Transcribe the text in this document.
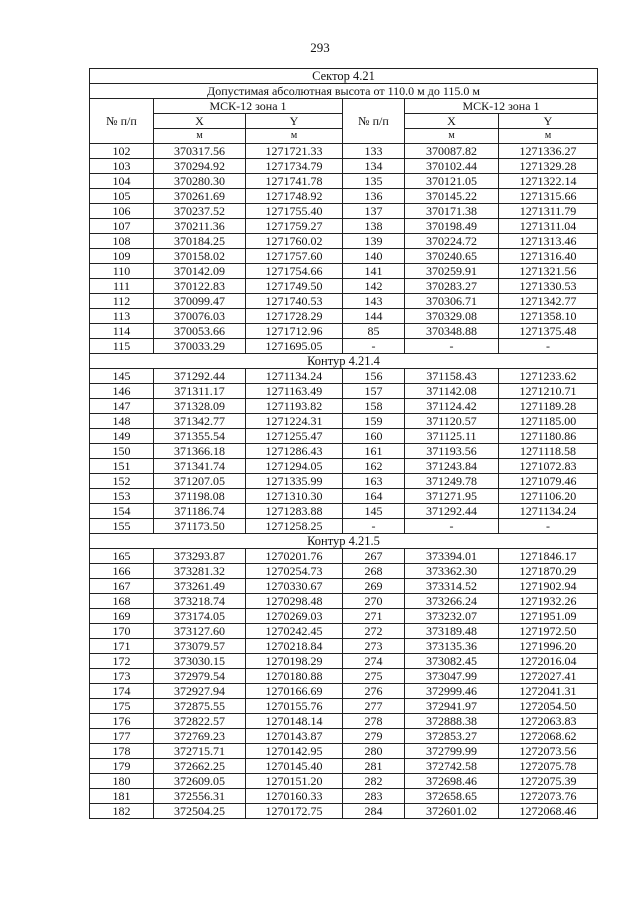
293
Сектор 4.21					
Допустимая абсолютная высота от 110.0 м до 115.0 м					
№ п/п	МСК-12 зона 1		№ п/п	МСК-12 зона 1	
	X	Y		X	Y
	м	м		м	м
102	370317.56	1271721.33	133	370087.82	1271336.27
103	370294.92	1271734.79	134	370102.44	1271329.28
104	370280.30	1271741.78	135	370121.05	1271322.14
105	370261.69	1271748.92	136	370145.22	1271315.66
106	370237.52	1271755.40	137	370171.38	1271311.79
107	370211.36	1271759.27	138	370198.49	1271311.04
108	370184.25	1271760.02	139	370224.72	1271313.46
109	370158.02	1271757.60	140	370240.65	1271316.40
110	370142.09	1271754.66	141	370259.91	1271321.56
111	370122.83	1271749.50	142	370283.27	1271330.53
112	370099.47	1271740.53	143	370306.71	1271342.77
113	370076.03	1271728.29	144	370329.08	1271358.10
114	370053.66	1271712.96	85	370348.88	1271375.48
115	370033.29	1271695.05	-	-	-
Контур 4.21.4					
145	371292.44	1271134.24	156	371158.43	1271233.62
146	371311.17	1271163.49	157	371142.08	1271210.71
147	371328.09	1271193.82	158	371124.42	1271189.28
148	371342.77	1271224.31	159	371120.57	1271185.00
149	371355.54	1271255.47	160	371125.11	1271180.86
150	371366.18	1271286.43	161	371193.56	1271118.58
151	371341.74	1271294.05	162	371243.84	1271072.83
152	371207.05	1271335.99	163	371249.78	1271079.46
153	371198.08	1271310.30	164	371271.95	1271106.20
154	371186.74	1271283.88	145	371292.44	1271134.24
155	371173.50	1271258.25	-	-	-
Контур 4.21.5					
165	373293.87	1270201.76	267	373394.01	1271846.17
166	373281.32	1270254.73	268	373362.30	1271870.29
167	373261.49	1270330.67	269	373314.52	1271902.94
168	373218.74	1270298.48	270	373266.24	1271932.26
169	373174.05	1270269.03	271	373232.07	1271951.09
170	373127.60	1270242.45	272	373189.48	1271972.50
171	373079.57	1270218.84	273	373135.36	1271996.20
172	373030.15	1270198.29	274	373082.45	1272016.04
173	372979.54	1270180.88	275	373047.99	1272027.41
174	372927.94	1270166.69	276	372999.46	1272041.31
175	372875.55	1270155.76	277	372941.97	1272054.50
176	372822.57	1270148.14	278	372888.38	1272063.83
177	372769.23	1270143.87	279	372853.27	1272068.62
178	372715.71	1270142.95	280	372799.99	1272073.56
179	372662.25	1270145.40	281	372742.58	1272075.78
180	372609.05	1270151.20	282	372698.46	1272075.39
181	372556.31	1270160.33	283	372658.65	1272073.76
182	372504.25	1270172.75	284	372601.02	1272068.46
